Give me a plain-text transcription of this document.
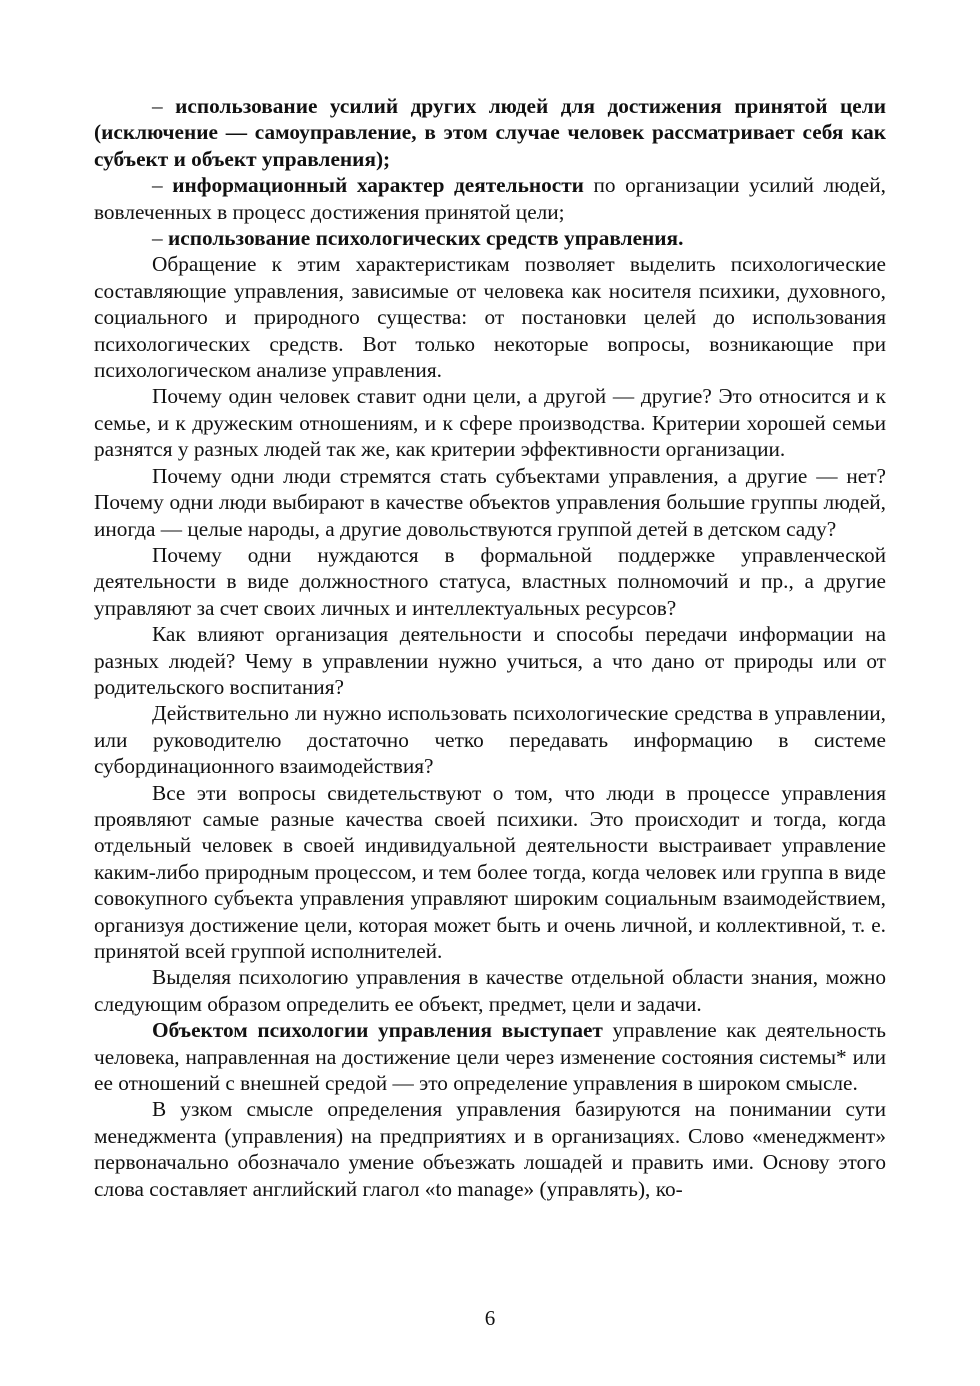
– использование усилий других людей для достижения принятой цели (исключение — самоуправление, в этом случае человек рассматривает себя как субъект и объект управления);

– информационный характер деятельности по организации усилий людей, вовлеченных в процесс достижения принятой цели;

– использование психологических средств управления.

Обращение к этим характеристикам позволяет выделить психологические составляющие управления, зависимые от человека как носителя психики, духовного, социального и природного существа: от постановки целей до использования психологических средств. Вот только некоторые вопросы, возникающие при психологическом анализе управления.

Почему один человек ставит одни цели, а другой — другие? Это относится и к семье, и к дружеским отношениям, и к сфере производства. Критерии хорошей семьи разнятся у разных людей так же, как критерии эффективности организации.

Почему одни люди стремятся стать субъектами управления, а другие — нет? Почему одни люди выбирают в качестве объектов управления большие группы людей, иногда — целые народы, а другие довольствуются группой детей в детском саду?

Почему одни нуждаются в формальной поддержке управленческой деятельности в виде должностного статуса, властных полномочий и пр., а другие управляют за счет своих личных и интеллектуальных ресурсов?

Как влияют организация деятельности и способы передачи информации на разных людей? Чему в управлении нужно учиться, а что дано от природы или от родительского воспитания?

Действительно ли нужно использовать психологические средства в управлении, или руководителю достаточно четко передавать информацию в системе субординационного взаимодействия?

Все эти вопросы свидетельствуют о том, что люди в процессе управления проявляют самые разные качества своей психики. Это происходит и тогда, когда отдельный человек в своей индивидуальной деятельности выстраивает управление каким-либо природным процессом, и тем более тогда, когда человек или группа в виде совокупного субъекта управления управляют широким социальным взаимодействием, организуя достижение цели, которая может быть и очень личной, и коллективной, т. е. принятой всей группой исполнителей.

Выделяя психологию управления в качестве отдельной области знания, можно следующим образом определить ее объект, предмет, цели и задачи.

Объектом психологии управления выступает управление как деятельность человека, направленная на достижение цели через изменение состояния системы* или ее отношений с внешней средой — это определение управления в широком смысле.

В узком смысле определения управления базируются на понимании сути менеджмента (управления) на предприятиях и в организациях. Слово «менеджмент» первоначально обозначало умение объезжать лошадей и править ими. Основу этого слова составляет английский глагол «to manage» (управлять), ко-

6
